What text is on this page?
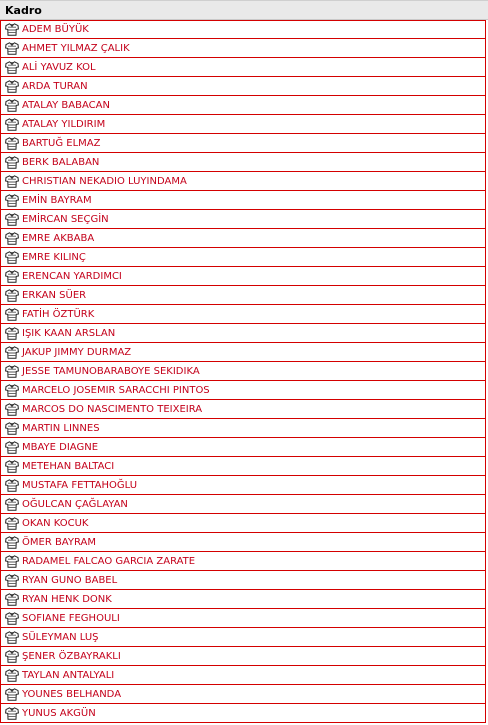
Kadro
ADEM BÜYÜK
AHMET YILMAZ ÇALIK
ALİ YAVUZ KOL
ARDA TURAN
ATALAY BABACAN
ATALAY YILDIRIM
BARTUĞ ELMAZ
BERK BALABAN
CHRISTIAN NEKADIO LUYINDAMA
EMİN BAYRAM
EMİRCAN SEÇGİN
EMRE AKBABA
EMRE KILINÇ
ERENCAN YARDIMCI
ERKAN SÜER
FATİH ÖZTÜRK
IŞIK KAAN ARSLAN
JAKUP JIMMY DURMAZ
JESSE TAMUNOBARABOYE SEKIDIKA
MARCELO JOSEMIR SARACCHI PINTOS
MARCOS DO NASCIMENTO TEIXEIRA
MARTIN LINNES
MBAYE DIAGNE
METEHAN BALTACI
MUSTAFA FETTAHOĞLU
OĞULCAN ÇAĞLAYAN
OKAN KOCUK
ÖMER BAYRAM
RADAMEL FALCAO GARCIA ZARATE
RYAN GUNO BABEL
RYAN HENK DONK
SOFIANE FEGHOULI
SÜLEYMAN LUŞ
ŞENER ÖZBAYRAKLI
TAYLAN ANTALYALI
YOUNES BELHANDA
YUNUS AKGÜN
